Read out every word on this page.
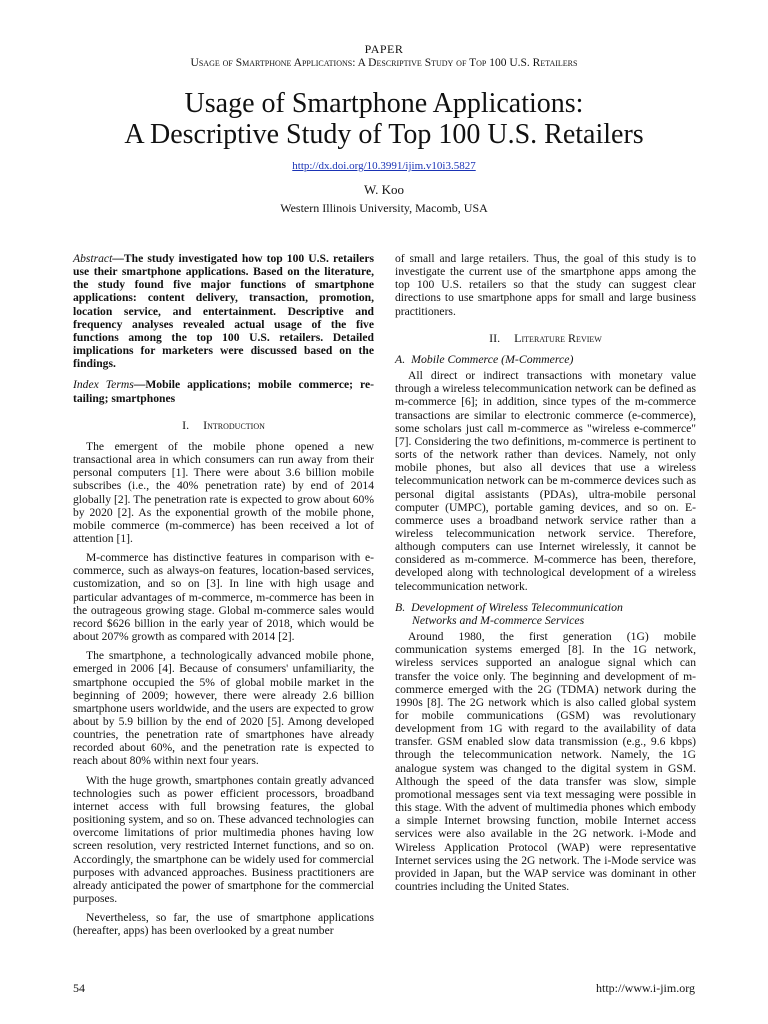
PAPER
Usage of Smartphone Applications: A Descriptive Study of Top 100 U.S. Retailers
Usage of Smartphone Applications:
A Descriptive Study of Top 100 U.S. Retailers
http://dx.doi.org/10.3991/ijim.v10i3.5827
W. Koo
Western Illinois University, Macomb, USA

Abstract—The study investigated how top 100 U.S. retailers use their smartphone applications. Based on the literature, the study found five major functions of smartphone applications: content delivery, transaction, promotion, location service, and entertainment. Descriptive and frequency analyses revealed actual usage of the five functions among the top 100 U.S. retailers. Detailed implications for marketers were discussed based on the findings.

Index Terms—Mobile applications; mobile commerce; re-tailing; smartphones

I. Introduction

The emergent of the mobile phone opened a new transactional area in which consumers can run away from their personal computers [1]. There were about 3.6 billion mobile subscribes (i.e., the 40% penetration rate) by end of 2014 globally [2]. The penetration rate is expected to grow about 60% by 2020 [2]. As the exponential growth of the mobile phone, mobile commerce (m-commerce) has been received a lot of attention [1].

M-commerce has distinctive features in comparison with e-commerce, such as always-on features, location-based services, customization, and so on [3]. In line with high usage and particular advantages of m-commerce, m-commerce has been in the outrageous growing stage. Global m-commerce sales would record $626 billion in the early year of 2018, which would be about 207% growth as compared with 2014 [2].

The smartphone, a technologically advanced mobile phone, emerged in 2006 [4]. Because of consumers' unfamiliarity, the smartphone occupied the 5% of global mobile market in the beginning of 2009; however, there were already 2.6 billion smartphone users worldwide, and the users are expected to grow about by 5.9 billion by the end of 2020 [5]. Among developed countries, the penetration rate of smartphones have already recorded about 60%, and the penetration rate is expected to reach about 80% within next four years.

With the huge growth, smartphones contain greatly advanced technologies such as power efficient processors, broadband internet access with full browsing features, the global positioning system, and so on. These advanced technologies can overcome limitations of prior multimedia phones having low screen resolution, very restricted Internet functions, and so on. Accordingly, the smartphone can be widely used for commercial purposes with advanced approaches. Business practitioners are already anticipated the power of smartphone for the commercial purposes.

Nevertheless, so far, the use of smartphone applications (hereafter, apps) has been overlooked by a great number

of small and large retailers. Thus, the goal of this study is to investigate the current use of the smartphone apps among the top 100 U.S. retailers so that the study can suggest clear directions to use smartphone apps for small and large business practitioners.

II. Literature Review

A. Mobile Commerce (M-Commerce)

All direct or indirect transactions with monetary value through a wireless telecommunication network can be defined as m-commerce [6]; in addition, since types of the m-commerce transactions are similar to electronic commerce (e-commerce), some scholars just call m-commerce as "wireless e-commerce" [7]. Considering the two definitions, m-commerce is pertinent to sorts of the network rather than devices. Namely, not only mobile phones, but also all devices that use a wireless telecommunication network can be m-commerce devices such as personal digital assistants (PDAs), ultra-mobile personal computer (UMPC), portable gaming devices, and so on. E-commerce uses a broadband network service rather than a wireless telecommunication network service. Therefore, although computers can use Internet wirelessly, it cannot be considered as m-commerce. M-commerce has been, therefore, developed along with technological development of a wireless telecommunication network.

B. Development of Wireless Telecommunication
Networks and M-commerce Services

Around 1980, the first generation (1G) mobile communication systems emerged [8]. In the 1G network, wireless services supported an analogue signal which can transfer the voice only. The beginning and development of m-commerce emerged with the 2G (TDMA) network during the 1990s [8]. The 2G network which is also called global system for mobile communications (GSM) was revolutionary development from 1G with regard to the availability of data transfer. GSM enabled slow data transmission (e.g., 9.6 kbps) through the telecommunication network. Namely, the 1G analogue system was changed to the digital system in GSM. Although the speed of the data transfer was slow, simple promotional messages sent via text messaging were possible in this stage. With the advent of multimedia phones which embody a simple Internet browsing function, mobile Internet access services were also available in the 2G network. i-Mode and Wireless Application Protocol (WAP) were representative Internet services using the 2G network. The i-Mode service was provided in Japan, but the WAP service was dominant in other countries including the United States.

54	http://www.i-jim.org
